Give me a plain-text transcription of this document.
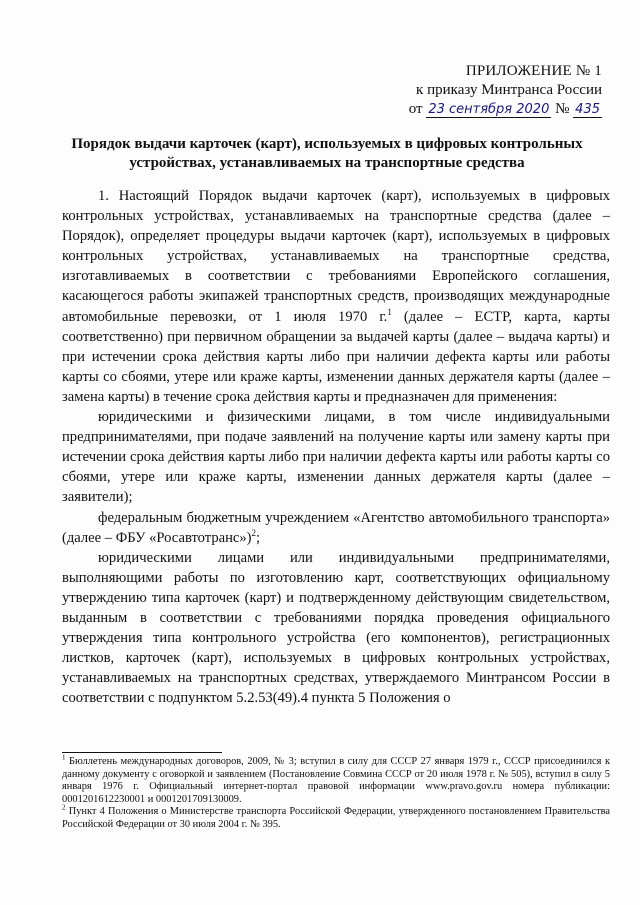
ПРИЛОЖЕНИЕ № 1
к приказу Минтранса России
от 23 сентября 2020 № 435
Порядок выдачи карточек (карт), используемых в цифровых контрольных устройствах, устанавливаемых на транспортные средства

1. Настоящий Порядок выдачи карточек (карт), используемых в цифровых контрольных устройствах, устанавливаемых на транспортные средства (далее – Порядок), определяет процедуры выдачи карточек (карт), используемых в цифровых контрольных устройствах, устанавливаемых на транспортные средства, изготавливаемых в соответствии с требованиями Европейского соглашения, касающегося работы экипажей транспортных средств, производящих международные автомобильные перевозки, от 1 июля 1970 г.$^1$ (далее – ЕСТР, карта, карты соответственно) при первичном обращении за выдачей карты (далее – выдача карты) и при истечении срока действия карты либо при наличии дефекта карты или работы карты со сбоями, утере или краже карты, изменении данных держателя карты (далее – замена карты) в течение срока действия карты и предназначен для применения:

юридическими и физическими лицами, в том числе индивидуальными предпринимателями, при подаче заявлений на получение карты или замену карты при истечении срока действия карты либо при наличии дефекта карты или работы карты со сбоями, утере или краже карты, изменении данных держателя карты (далее – заявители);

федеральным бюджетным учреждением «Агентство автомобильного транспорта» (далее – ФБУ «Росавтотранс»)$^2$;

юридическими лицами или индивидуальными предпринимателями, выполняющими работы по изготовлению карт, соответствующих официальному утверждению типа карточек (карт) и подтвержденному действующим свидетельством, выданным в соответствии с требованиями порядка проведения официального утверждения типа контрольного устройства (его компонентов), регистрационных листков, карточек (карт), используемых в цифровых контрольных устройствах, устанавливаемых на транспортных средствах, утверждаемого Минтрансом России в соответствии с подпунктом 5.2.53(49).4 пункта 5 Положения о

$^1$ Бюллетень международных договоров, 2009, № 3; вступил в силу для СССР 27 января 1979 г., СССР присоединился к данному документу с оговоркой и заявлением (Постановление Совмина СССР от 20 июля 1978 г. № 505), вступил в силу 5 января 1976 г. Официальный интернет-портал правовой информации www.pravo.gov.ru номера публикации: 0001201612230001 и 0001201709130009.

$^2$ Пункт 4 Положения о Министерстве транспорта Российской Федерации, утвержденного постановлением Правительства Российской Федерации от 30 июля 2004 г. № 395.
